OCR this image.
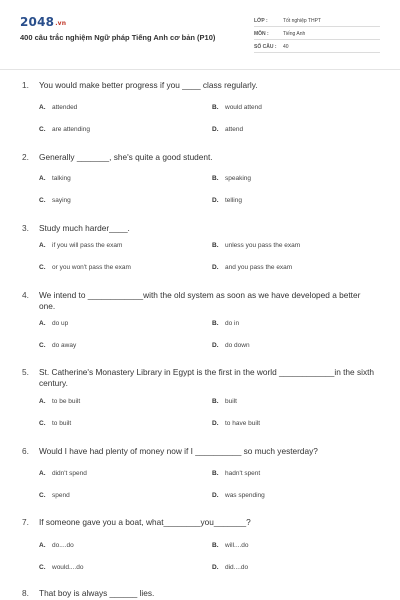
2048.vn
400 câu trắc nghiệm Ngữ pháp Tiếng Anh cơ bản (P10)
LỚP :	Tốt nghiệp THPT
MÔN :	Tiếng Anh
SỐ CÂU : 40
1. You would make better progress if you ____ class regularly.
A. attended	B. would attend
C. are attending	D. attend
2. Generally _______, she's quite a good student.
A. talking	B. speaking
C. saying	D. telling
3. Study much harder____.
A. if you will pass the exam	B. unless you pass the exam
C. or you won't pass the exam	D. and you pass the exam
4. We intend to ____________with the old system as soon as we have developed a better one.
A. do up	B. do in
C. do away	D. do down
5. St. Catherine's Monastery Library in Egypt is the first in the world ____________in the sixth century.
A. to be built	B. built
C. to built	D. to have built
6. Would I have had plenty of money now if I __________ so much yesterday?
A. didn't spend	B. hadn't spent
C. spend	D. was spending
7. If someone gave you a boat, what________you_______?
A. do....do	B. will....do
C. would....do	D. did....do
8. That boy is always ______ lies.
